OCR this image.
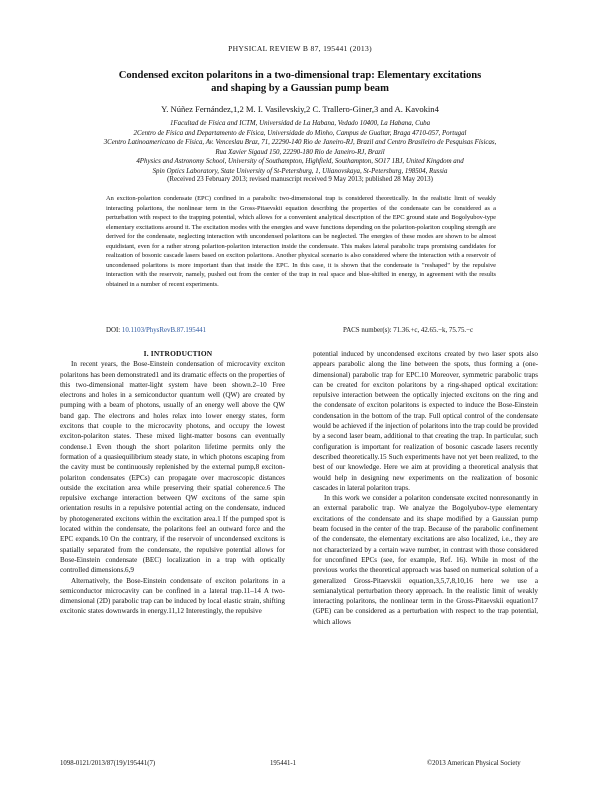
PHYSICAL REVIEW B 87, 195441 (2013)
Condensed exciton polaritons in a two-dimensional trap: Elementary excitations
and shaping by a Gaussian pump beam
Y. Núñez Fernández,1,2 M. I. Vasilevskiy,2 C. Trallero-Giner,3 and A. Kavokin4
1Facultad de Física and ICTM, Universidad de La Habana, Vedado 10400, La Habana, Cuba
2Centro de Física and Departamento de Física, Universidade do Minho, Campus de Gualtar, Braga 4710-057, Portugal
3Centro Latinoamericano de Física, Av. Venceslau Braz, 71, 22290-140 Rio de Janeiro-RJ, Brazil and Centro Brasileiro de Pesquisas Físicas,
Rua Xavier Sigaud 150, 22290-180 Rio de Janeiro-RJ, Brazil
4Physics and Astronomy School, University of Southampton, Highfield, Southampton, SO17 1BJ, United Kingdom and
Spin Optics Laboratory, State University of St-Petersburg, 1, Ulianovskaya, St-Petersburg, 198504, Russia
(Received 23 February 2013; revised manuscript received 9 May 2013; published 28 May 2013)
An exciton-polariton condensate (EPC) confined in a parabolic two-dimensional trap is considered theoretically. In the realistic limit of weakly interacting polaritons, the nonlinear term in the Gross-Pitaevskii equation describing the properties of the condensate can be considered as a perturbation with respect to the trapping potential, which allows for a convenient analytical description of the EPC ground state and Bogolyubov-type elementary excitations around it. The excitation modes with the energies and wave functions depending on the polariton-polariton coupling strength are derived for the condensate, neglecting interaction with uncondensed polaritons can be neglected. The energies of these modes are shown to be almost equidistant, even for a rather strong polariton-polariton interaction inside the condensate. This makes lateral parabolic traps promising candidates for realization of bosonic cascade lasers based on exciton polaritons. Another physical scenario is also considered where the interaction with a reservoir of uncondensed polaritons is more important than that inside the EPC. In this case, it is shown that the condensate is "reshaped" by the repulsive interaction with the reservoir, namely, pushed out from the center of the trap in real space and blue-shifted in energy, in agreement with the results obtained in a number of recent experiments.
DOI: 10.1103/PhysRevB.87.195441	PACS number(s): 71.36.+c, 42.65.−k, 75.75.−c

I. INTRODUCTION

In recent years, the Bose-Einstein condensation of microcavity exciton polaritons has been demonstrated1 and its dramatic effects on the properties of this two-dimensional matter-light system have been shown.2–10 Free electrons and holes in a semiconductor quantum well (QW) are created by pumping with a beam of photons, usually of an energy well above the QW band gap. The electrons and holes relax into lower energy states, form excitons that couple to the microcavity photons, and occupy the lowest exciton-polariton states. These mixed light-matter bosons can eventually condense.1 Even though the short polariton lifetime permits only the formation of a quasiequilibrium steady state, in which photons escaping from the cavity must be continuously replenished by the external pump,8 exciton-polariton condensates (EPCs) can propagate over macroscopic distances outside the excitation area while preserving their spatial coherence.6 The repulsive exchange interaction between QW excitons of the same spin orientation results in a repulsive potential acting on the condensate, induced by photogenerated excitons within the excitation area.1 If the pumped spot is located within the condensate, the polaritons feel an outward force and the EPC expands.10 On the contrary, if the reservoir of uncondensed excitons is spatially separated from the condensate, the repulsive potential allows for Bose-Einstein condensate (BEC) localization in a trap with optically controlled dimensions.6,9

Alternatively, the Bose-Einstein condensate of exciton polaritons in a semiconductor microcavity can be confined in a lateral trap.11–14 A two-dimensional (2D) parabolic trap can be induced by local elastic strain, shifting excitonic states downwards in energy.11,12 Interestingly, the repulsive

potential induced by uncondensed excitons created by two laser spots also appears parabolic along the line between the spots, thus forming a (one-dimensional) parabolic trap for EPC.10 Moreover, symmetric parabolic traps can be created for exciton polaritons by a ring-shaped optical excitation: repulsive interaction between the optically injected excitons on the ring and the condensate of exciton polaritons is expected to induce the Bose-Einstein condensation in the bottom of the trap. Full optical control of the condensate would be achieved if the injection of polaritons into the trap could be provided by a second laser beam, additional to that creating the trap. In particular, such configuration is important for realization of bosonic cascade lasers recently described theoretically.15 Such experiments have not yet been realized, to the best of our knowledge. Here we aim at providing a theoretical analysis that would help in designing new experiments on the realization of bosonic cascades in lateral polariton traps.

In this work we consider a polariton condensate excited nonresonantly in an external parabolic trap. We analyze the Bogolyubov-type elementary excitations of the condensate and its shape modified by a Gaussian pump beam focused in the center of the trap. Because of the parabolic confinement of the condensate, the elementary excitations are also localized, i.e., they are not characterized by a certain wave number, in contrast with those considered for unconfined EPCs (see, for example, Ref. 16). While in most of the previous works the theoretical approach was based on numerical solution of a generalized Gross-Pitaevskii equation,3,5,7,8,10,16 here we use a semianalytical perturbation theory approach. In the realistic limit of weakly interacting polaritons, the nonlinear term in the Gross-Pitaevskii equation17 (GPE) can be considered as a perturbation with respect to the trap potential, which allows

1098-0121/2013/87(19)/195441(7)	195441-1	©2013 American Physical Society
